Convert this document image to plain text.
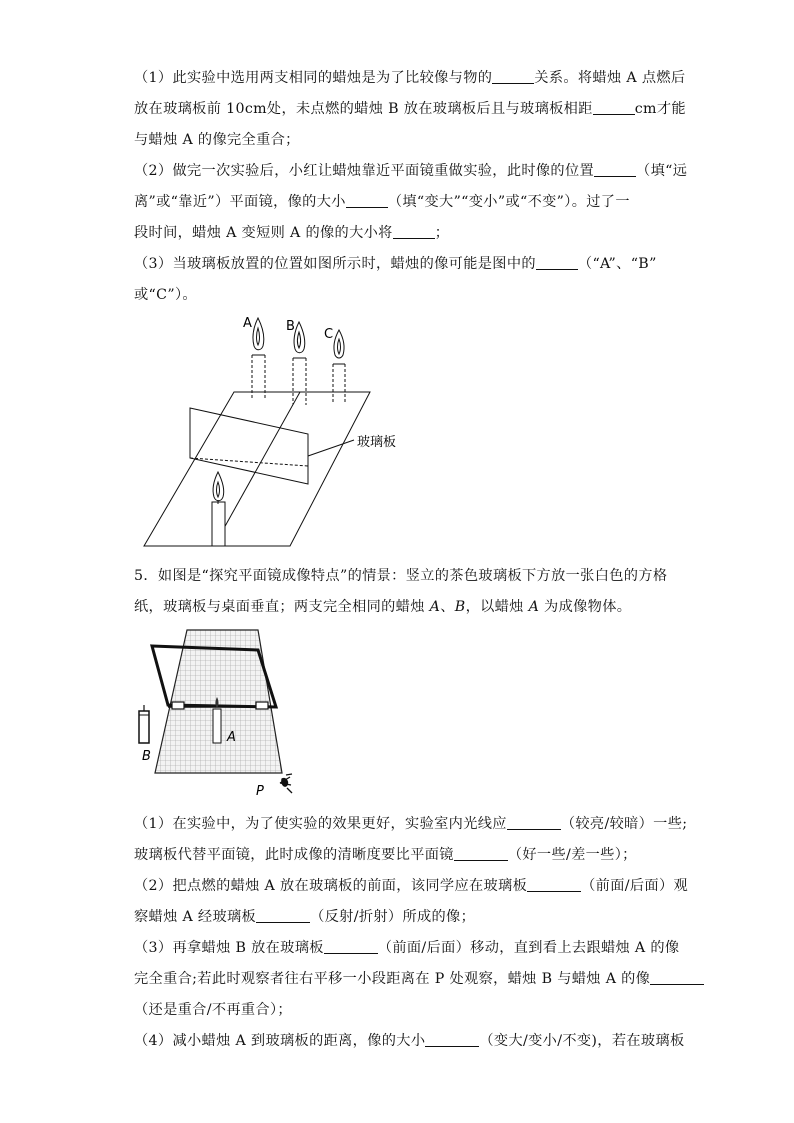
（1）此实验中选用两支相同的蜡烛是为了比较像与物的	关系。将蜡烛 A 点燃后
放在玻璃板前 10cm处，未点燃的蜡烛 B 放在玻璃板后且与玻璃板相距	cm才能
与蜡烛 A 的像完全重合；
（2）做完一次实验后，小红让蜡烛靠近平面镜重做实验，此时像的位置	（填“远
离”或“靠近”）平面镜，像的大小	（填“变大”“变小”或“不变”）。过了一
段时间，蜡烛 A 变短则 A 的像的大小将	；
（3）当玻璃板放置的位置如图所示时，蜡烛的像可能是图中的	（“A”、“B”
或“C”）。
A	B
C
玻璃板
5．如图是“探究平面镜成像特点”的情景：竖立的茶色玻璃板下方放一张白色的方格
纸，玻璃板与桌面垂直；两支完全相同的蜡烛 A、B，以蜡烛 A 为成像物体。
A
B
P
（1）在实验中，为了使实验的效果更好，实验室内光线应	（较亮/较暗）一些;
玻璃板代替平面镜，此时成像的清晰度要比平面镜	（好一些/差一些）；
（2）把点燃的蜡烛 A 放在玻璃板的前面，该同学应在玻璃板	（前面/后面）观
察蜡烛 A 经玻璃板	（反射/折射）所成的像；
（3）再拿蜡烛 B 放在玻璃板	（前面/后面）移动，直到看上去跟蜡烛 A 的像
完全重合;若此时观察者往右平移一小段距离在 P 处观察，蜡烛 B 与蜡烛 A 的像
（还是重合/不再重合）；
（4）减小蜡烛 A 到玻璃板的距离，像的大小	（变大/变小/不变)，若在玻璃板
